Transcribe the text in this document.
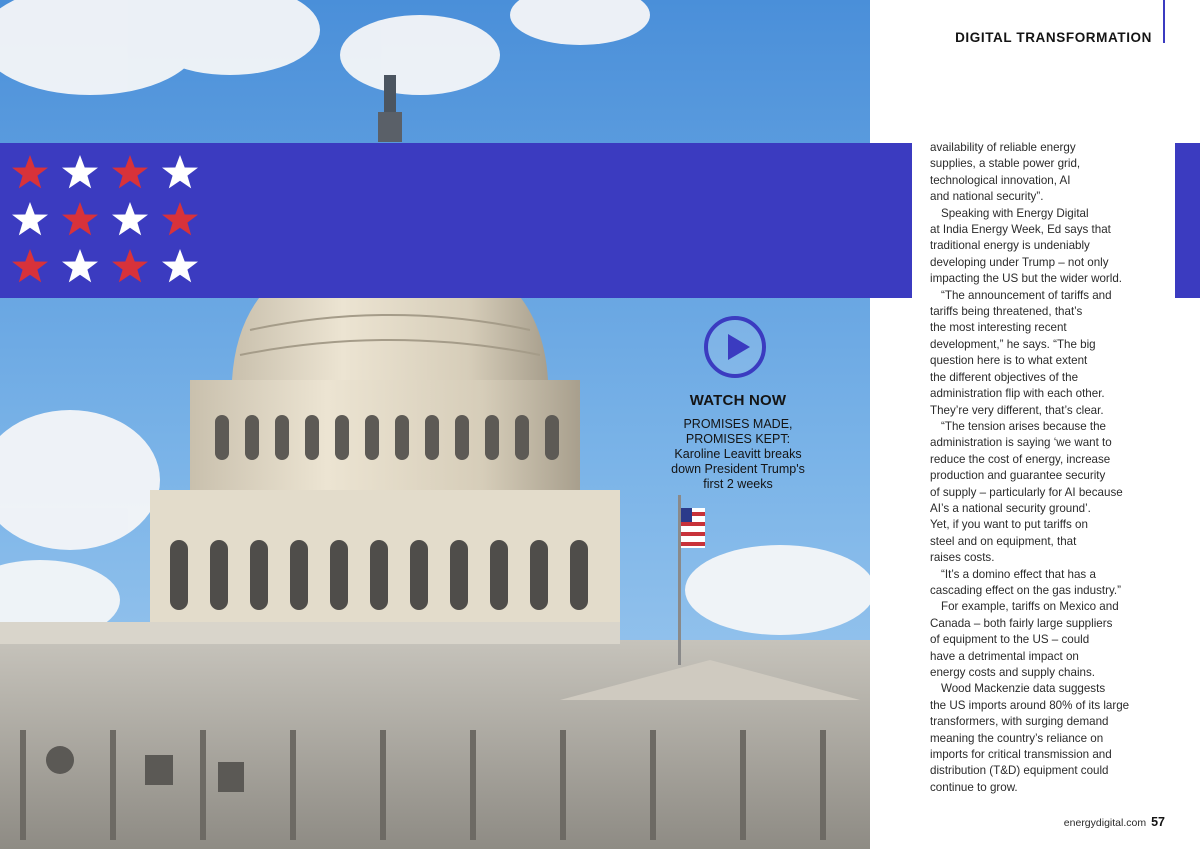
WATCH NOW
PROMISES MADE,
PROMISES KEPT:
Karoline Leavitt breaks
down President Trump's
first 2 weeks
DIGITAL TRANSFORMATION
availability of reliable energy
supplies, a stable power grid,
technological innovation, AI
and national security”.
Speaking with Energy Digital
at India Energy Week, Ed says that
traditional energy is undeniably
developing under Trump – not only
impacting the US but the wider world.
“The announcement of tariffs and
tariffs being threatened, that’s
the most interesting recent
development,” he says. “The big
question here is to what extent
the different objectives of the
administration flip with each other.
They’re very different, that’s clear.
“The tension arises because the
administration is saying ‘we want to
reduce the cost of energy, increase
production and guarantee security
of supply – particularly for AI because
AI’s a national security ground’.
Yet, if you want to put tariffs on
steel and on equipment, that
raises costs.
“It’s a domino effect that has a
cascading effect on the gas industry.”
For example, tariffs on Mexico and
Canada – both fairly large suppliers
of equipment to the US – could
have a detrimental impact on
energy costs and supply chains.
Wood Mackenzie data suggests
the US imports around 80% of its large
transformers, with surging demand
meaning the country’s reliance on
imports for critical transmission and
distribution (T&D) equipment could
continue to grow.
energydigital.com 57
